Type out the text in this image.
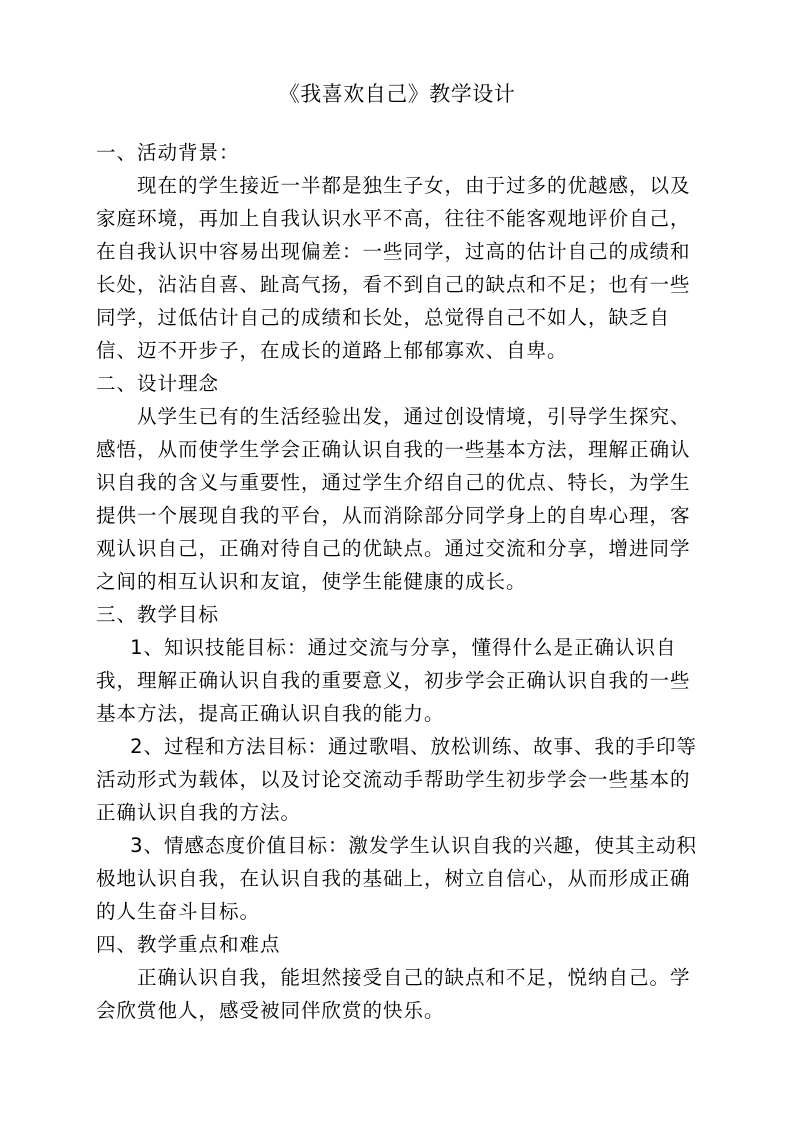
《我喜欢自己》教学设计

一、活动背景：

现在的学生接近一半都是独生子女，由于过多的优越感，以及家庭环境，再加上自我认识水平不高，往往不能客观地评价自己，在自我认识中容易出现偏差：一些同学，过高的估计自己的成绩和长处，沾沾自喜、趾高气扬，看不到自己的缺点和不足；也有一些同学，过低估计自己的成绩和长处，总觉得自己不如人，缺乏自信、迈不开步子，在成长的道路上郁郁寡欢、自卑。

二、设计理念

从学生已有的生活经验出发，通过创设情境，引导学生探究、感悟，从而使学生学会正确认识自我的一些基本方法，理解正确认识自我的含义与重要性，通过学生介绍自己的优点、特长，为学生提供一个展现自我的平台，从而消除部分同学身上的自卑心理，客观认识自己，正确对待自己的优缺点。通过交流和分享，增进同学之间的相互认识和友谊，使学生能健康的成长。

三、教学目标

1、知识技能目标：通过交流与分享，懂得什么是正确认识自我，理解正确认识自我的重要意义，初步学会正确认识自我的一些基本方法，提高正确认识自我的能力。

2、过程和方法目标：通过歌唱、放松训练、故事、我的手印等活动形式为载体，以及讨论交流动手帮助学生初步学会一些基本的正确认识自我的方法。

3、情感态度价值目标：激发学生认识自我的兴趣，使其主动积极地认识自我，在认识自我的基础上，树立自信心，从而形成正确的人生奋斗目标。

四、教学重点和难点

正确认识自我，能坦然接受自己的缺点和不足，悦纳自己。学会欣赏他人，感受被同伴欣赏的快乐。
